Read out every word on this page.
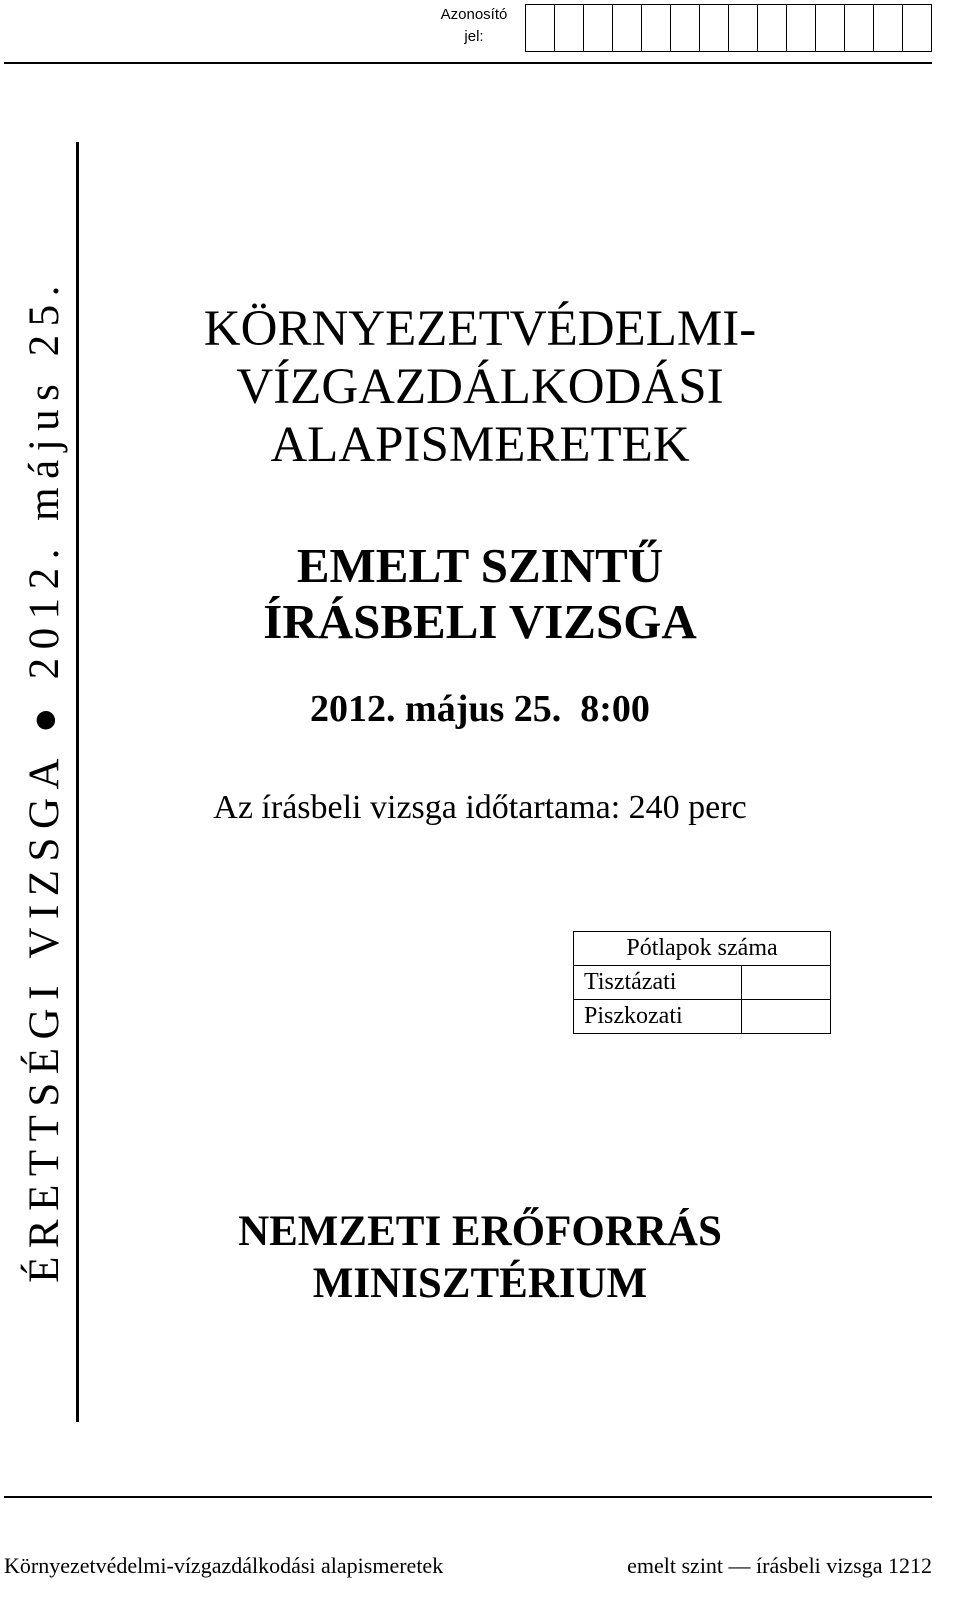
Azonosító
jel:
ÉRETTSÉGI VIZSGA ● 2012. május 25.	KÖRNYEZETVÉDELMI-
VÍZGAZDÁLKODÁSI
ALAPISMERETEK
EMELT SZINTŰ
ÍRÁSBELI VIZSGA
2012. május 25.  8:00
Az írásbeli vizsga időtartama: 240 perc
Pótlapok száma	
Tisztázati	
Piszkozati	
NEMZETI ERŐFORRÁS
MINISZTÉRIUM
Környezetvédelmi-vízgazdálkodási alapismeretek	emelt szint — írásbeli vizsga 1212
